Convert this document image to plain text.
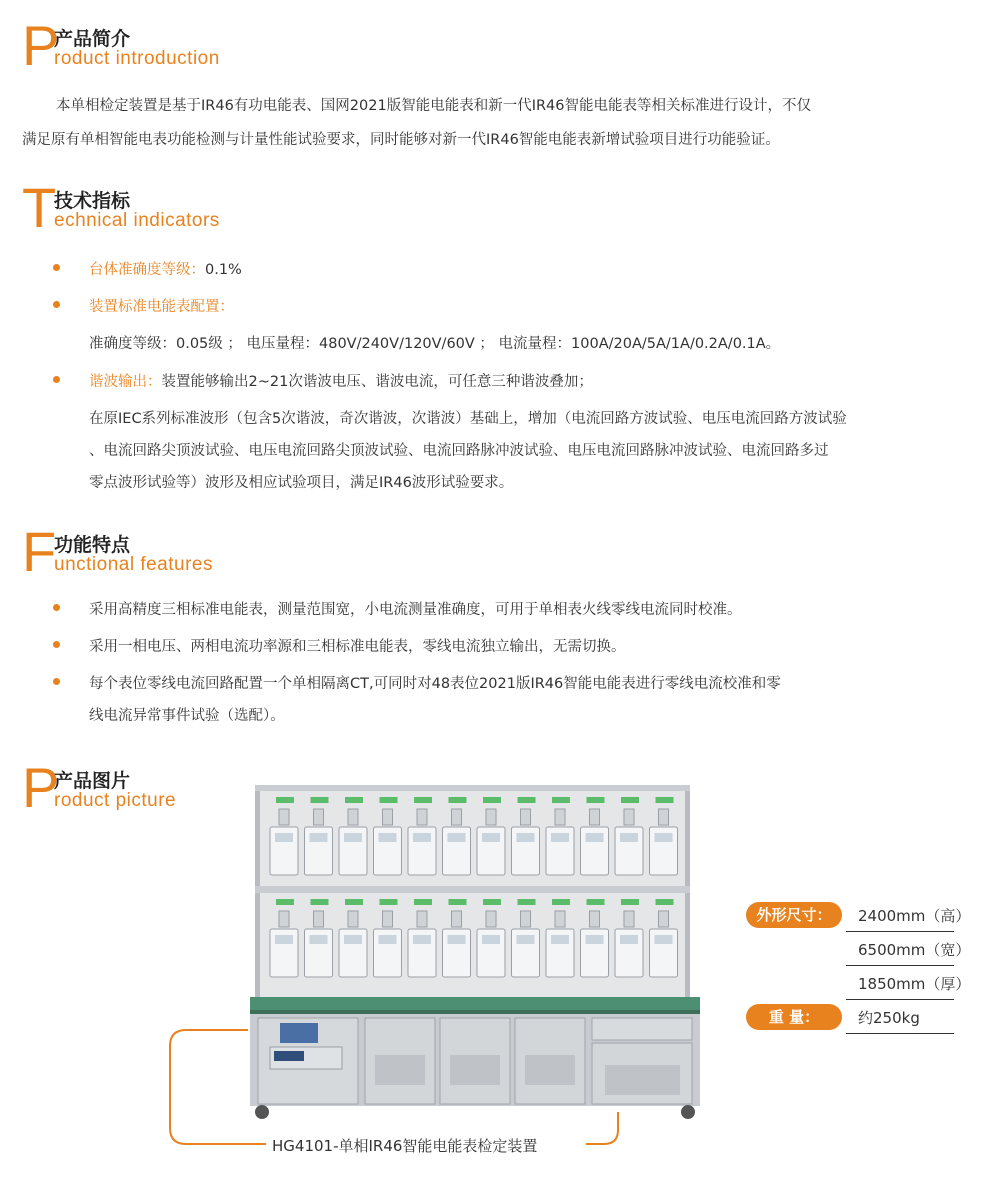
P
产品简介
roduct introduction
本单相检定装置是基于IR46有功电能表、国网2021版智能电能表和新一代IR46智能电能表等相关标准进行设计，不仅
满足原有单相智能电表功能检测与计量性能试验要求，同时能够对新一代IR46智能电能表新增试验项目进行功能验证。
T
技术指标
echnical indicators
台体准确度等级：0.1%
装置标准电能表配置：
准确度等级：0.05级 ； 电压量程：480V/240V/120V/60V ； 电流量程：100A/20A/5A/1A/0.2A/0.1A。
谐波输出：装置能够输出2~21次谐波电压、谐波电流，可任意三种谐波叠加；
在原IEC系列标准波形（包含5次谐波，奇次谐波，次谐波）基础上，增加（电流回路方波试验、电压电流回路方波试验
、电流回路尖顶波试验、电压电流回路尖顶波试验、电流回路脉冲波试验、电压电流回路脉冲波试验、电流回路多过
零点波形试验等）波形及相应试验项目，满足IR46波形试验要求。
F
功能特点
unctional features
采用高精度三相标准电能表，测量范围宽，小电流测量准确度，可用于单相表火线零线电流同时校准。
采用一相电压、两相电流功率源和三相标准电能表，零线电流独立输出，无需切换。
每个表位零线电流回路配置一个单相隔离CT,可同时对48表位2021版IR46智能电能表进行零线电流校准和零
线电流异常事件试验（选配）。
P
产品图片
roduct picture
HG4101-单相IR46智能电能表检定装置
外形尺寸：	2400mm（高）
6500mm（宽）
1850mm（厚）
重 量：	约250kg
